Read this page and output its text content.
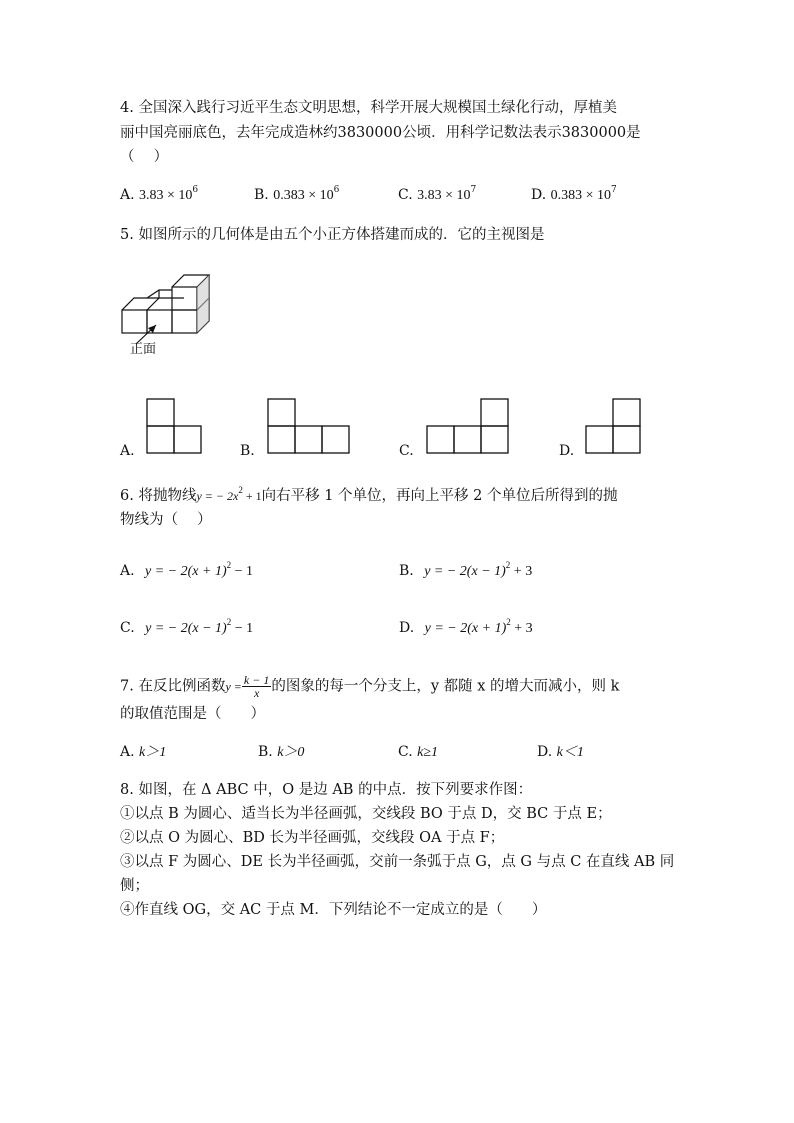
4. 全国深入践行习近平生态文明思想，科学开展大规模国土绿化行动，厚植美
丽中国亮丽底色，去年完成造林约3830000公顷．用科学记数法表示3830000是
（　 ）
A. $3.83 \times 10^6$	B. $0.383 \times 10^6$	C. $3.83 \times 10^7$	D. $0.383 \times 10^7$
5. 如图所示的几何体是由五个小正方体搭建而成的．它的主视图是
正面
A.	B.	C.	D.
6. 将抛物线y = − $2x^2 + 1$向右平移 1 个单位，再向上平移 2 个单位后所得到的抛
物线为（　 ）
A. y = − $2(x + 1)^2 - 1$	B. y = − $2(x - 1)^2 + 3$
C. y = − $2(x - 1)^2 - 1$	D. y = − $2(x + 1)^2 + 3$
7. 在反比例函数$y = \frac{k - 1}{x}$ 的图象的每一个分支上，y 都随 x 的增大而减小，则 k
的取值范围是（　　）
A. k＞1	B. k＞0	C. k≥1	D. k＜1
8. 如图，在 Δ ABC 中，O 是边 AB 的中点．按下列要求作图：
①以点 B 为圆心、适当长为半径画弧，交线段 BO 于点 D，交 BC 于点 E；
②以点 O 为圆心、BD 长为半径画弧，交线段 OA 于点 F；
③以点 F 为圆心、DE 长为半径画弧，交前一条弧于点 G，点 G 与点 C 在直线 AB 同
侧；
④作直线 OG，交 AC 于点 M．下列结论不一定成立的是（　　）
